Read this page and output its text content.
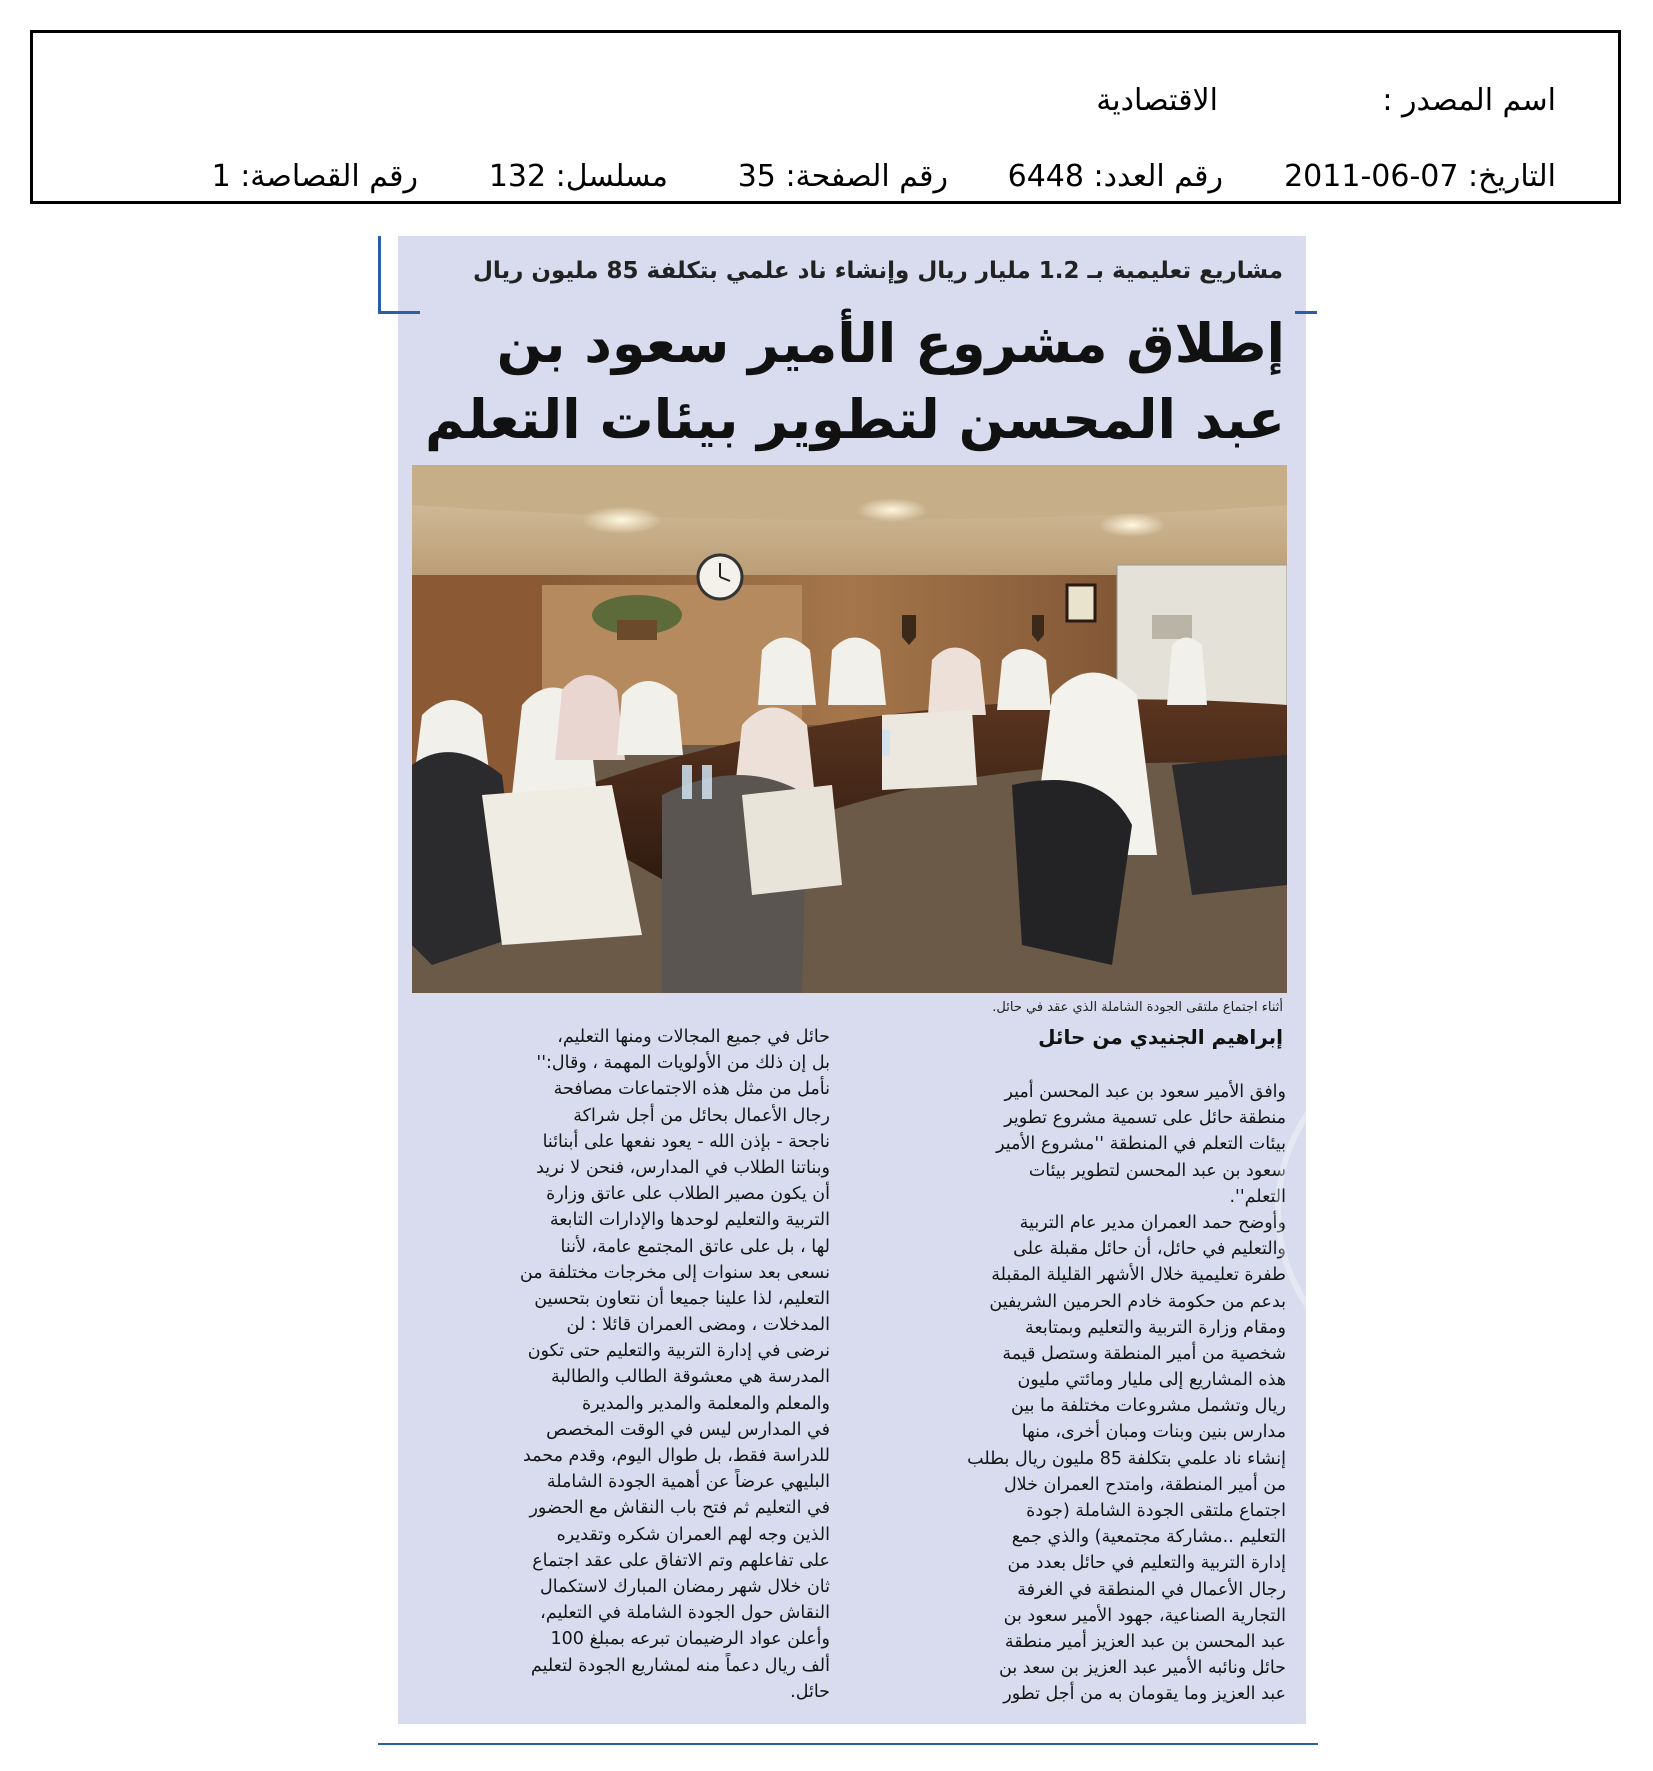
اسم المصدر :
الاقتصادية
التاريخ: 07-06-2011
رقم العدد: 6448
رقم الصفحة: 35
مسلسل: 132
رقم القصاصة: 1
مشاريع تعليمية بـ 1.2 مليار ريال وإنشاء ناد علمي بتكلفة 85 مليون ريال
إطلاق مشروع الأمير سعود بن
عبد المحسن لتطوير بيئات التعلم
أثناء اجتماع ملتقى الجودة الشاملة الذي عقد في حائل.
إبراهيم الجنيدي من حائل
وافق الأمير سعود بن عبد المحسن أمير
منطقة حائل على تسمية مشروع تطوير
بيئات التعلم في المنطقة ''مشروع الأمير
سعود بن عبد المحسن لتطوير بيئات
التعلم''.
وأوضح حمد العمران مدير عام التربية
والتعليم في حائل، أن حائل مقبلة على
طفرة تعليمية خلال الأشهر القليلة المقبلة
بدعم من حكومة خادم الحرمين الشريفين
ومقام وزارة التربية والتعليم وبمتابعة
شخصية من أمير المنطقة وستصل قيمة
هذه المشاريع إلى مليار ومائتي مليون
ريال وتشمل مشروعات مختلفة ما بين
مدارس بنين وبنات ومبان أخرى، منها
إنشاء ناد علمي بتكلفة 85 مليون ريال بطلب
من أمير المنطقة، وامتدح العمران خلال
اجتماع ملتقى الجودة الشاملة (جودة
التعليم ..مشاركة مجتمعية) والذي جمع
إدارة التربية والتعليم في حائل بعدد من
رجال الأعمال في المنطقة في الغرفة
التجارية الصناعية، جهود الأمير سعود بن
عبد المحسن بن عبد العزيز أمير منطقة
حائل ونائبه الأمير عبد العزيز بن سعد بن
عبد العزيز وما يقومان به من أجل تطور
حائل في جميع المجالات ومنها التعليم،
بل إن ذلك من الأولويات المهمة ، وقال:''
نأمل من مثل هذه الاجتماعات مصافحة
رجال الأعمال بحائل من أجل شراكة
ناجحة - بإذن الله - يعود نفعها على أبنائنا
وبناتنا الطلاب في المدارس، فنحن لا نريد
أن يكون مصير الطلاب على عاتق وزارة
التربية والتعليم لوحدها والإدارات التابعة
لها ، بل على عاتق المجتمع عامة، لأننا
نسعى بعد سنوات إلى مخرجات مختلفة من
التعليم، لذا علينا جميعا أن نتعاون بتحسين
المدخلات ، ومضى العمران قائلا : لن
نرضى في إدارة التربية والتعليم حتى تكون
المدرسة هي معشوقة الطالب والطالبة
والمعلم والمعلمة والمدير والمديرة
في المدارس ليس في الوقت المخصص
للدراسة فقط، بل طوال اليوم، وقدم محمد
البليهي عرضاً عن أهمية الجودة الشاملة
في التعليم ثم فتح باب النقاش مع الحضور
الذين وجه لهم العمران شكره وتقديره
على تفاعلهم وتم الاتفاق على عقد اجتماع
ثان خلال شهر رمضان المبارك لاستكمال
النقاش حول الجودة الشاملة في التعليم،
وأعلن عواد الرضيمان تبرعه بمبلغ 100
ألف ريال دعماً منه لمشاريع الجودة لتعليم
حائل.
